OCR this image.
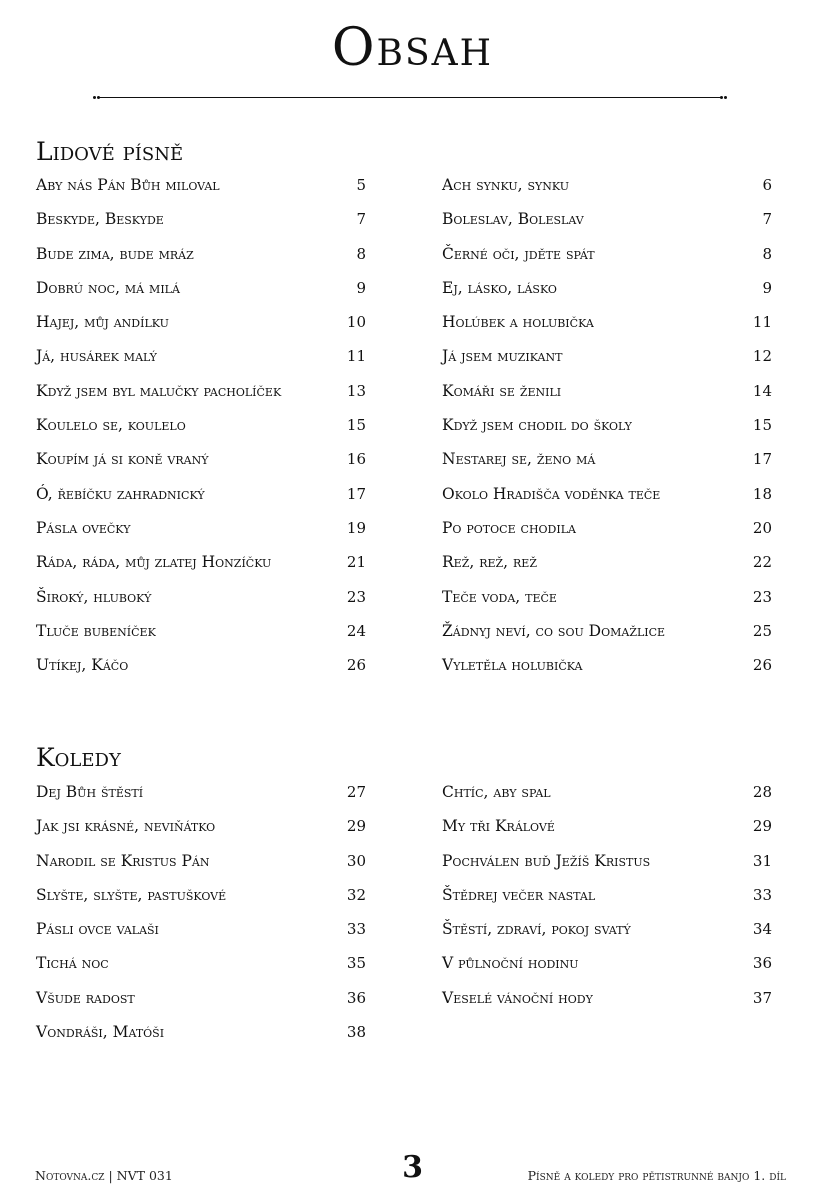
Obsah
Lidové písně
Aby nás Pán Bůh miloval	5
Beskyde, Beskyde	7
Bude zima, bude mráz	8
Dobrú noc, má milá	9
Hajej, můj andílku	10
Já, husárek malý	11
Když jsem byl malučky pacholíček	13
Koulelo se, koulelo	15
Koupím já si koně vraný	16
Ó, řebíčku zahradnický	17
Pásla ovečky	19
Ráda, ráda, můj zlatej Honzíčku	21
Široký, hluboký	23
Tluče bubeníček	24
Utíkej, Káčo	26
Ach synku, synku	6
Boleslav, Boleslav	7
Černé oči, jděte spát	8
Ej, lásko, lásko	9
Holúbek a holubička	11
Já jsem muzikant	12
Komáři se ženili	14
Když jsem chodil do školy	15
Nestarej se, ženo má	17
Okolo Hradišča voděnka teče	18
Po potoce chodila	20
Rež, rež, rež	22
Teče voda, teče	23
Žádnyj neví, co sou Domažlice	25
Vyletěla holubička	26
Koledy
Dej Bůh štěstí	27
Jak jsi krásné, neviňátko	29
Narodil se Kristus Pán	30
Slyšte, slyšte, pastuškové	32
Pásli ovce valaši	33
Tichá noc	35
Všude radost	36
Vondráši, Matóši	38
Chtíc, aby spal	28
My tři Králové	29
Pochválen buď Ježíš Kristus	31
Štědrej večer nastal	33
Štěstí, zdraví, pokoj svatý	34
V půlnoční hodinu	36
Veselé vánoční hody	37
Notovna.cz | NVT 031	3	Písně a koledy pro pětistrunné banjo 1. díl
